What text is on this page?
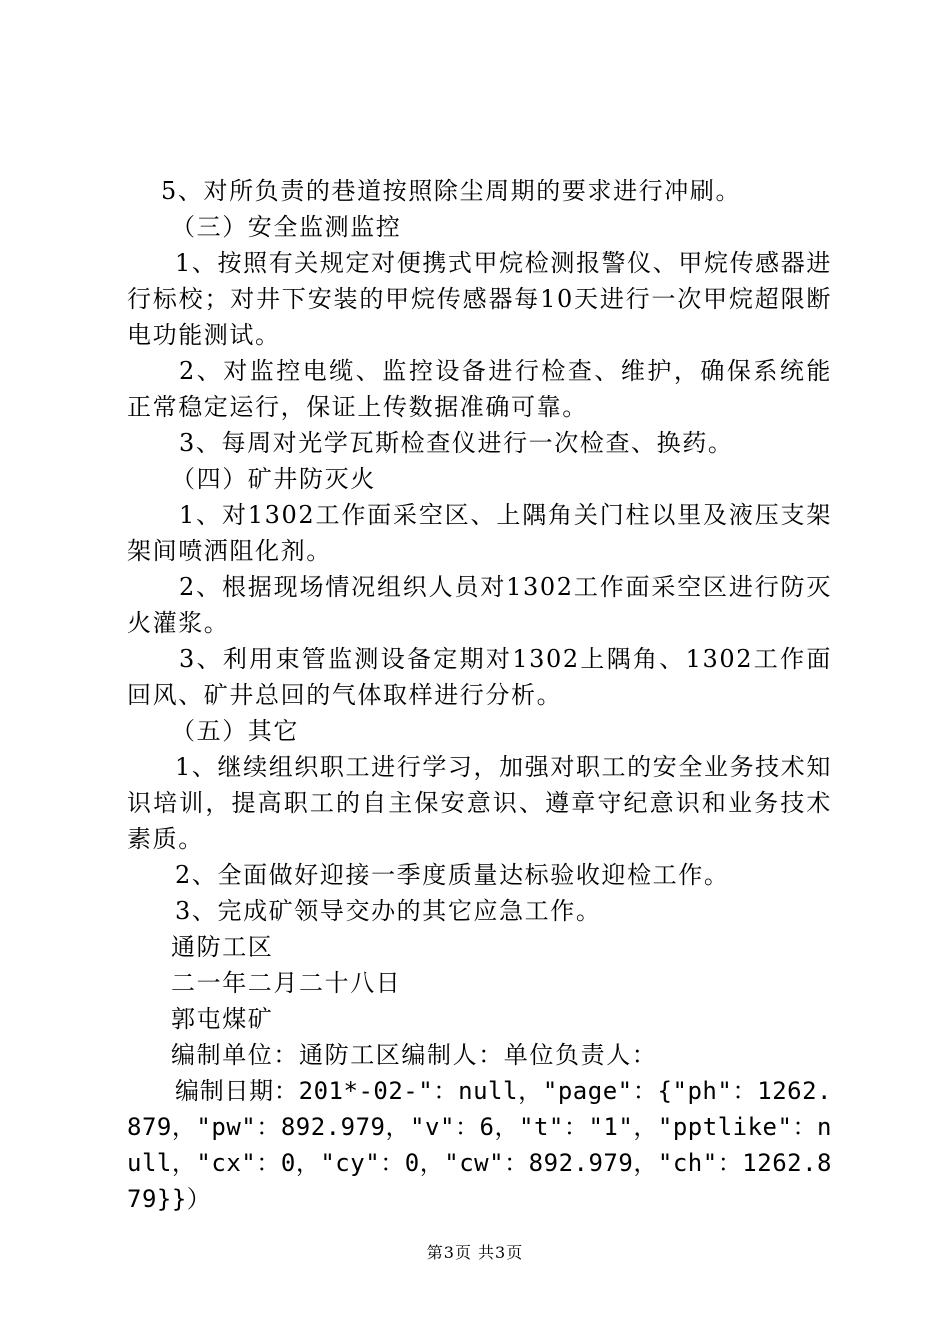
5、对所负责的巷道按照除尘周期的要求进行冲刷。

（三）安全监测监控

1、按照有关规定对便携式甲烷检测报警仪、甲烷传感器进行标校；对井下安装的甲烷传感器每10天进行一次甲烷超限断电功能测试。

2、对监控电缆、监控设备进行检查、维护，确保系统能正常稳定运行，保证上传数据准确可靠。

3、每周对光学瓦斯检查仪进行一次检查、换药。

（四）矿井防灭火

1、对1302工作面采空区、上隅角关门柱以里及液压支架架间喷洒阻化剂。

2、根据现场情况组织人员对1302工作面采空区进行防灭火灌浆。

3、利用束管监测设备定期对1302上隅角、1302工作面回风、矿井总回的气体取样进行分析。

（五）其它

1、继续组织职工进行学习，加强对职工的安全业务技术知识培训，提高职工的自主保安意识、遵章守纪意识和业务技术素质。

2、全面做好迎接一季度质量达标验收迎检工作。

3、完成矿领导交办的其它应急工作。

通防工区

二一年二月二十八日

郭屯煤矿

编制单位：通防工区编制人：单位负责人：

编制日期：201*-02-"：null，"page"：{"ph"：1262.879，"pw"：892.979，"v"：6，"t"："1"，"pptlike"：null，"cx"：0，"cy"：0，"cw"：892.979，"ch"：1262.879}}）

第3页 共3页
